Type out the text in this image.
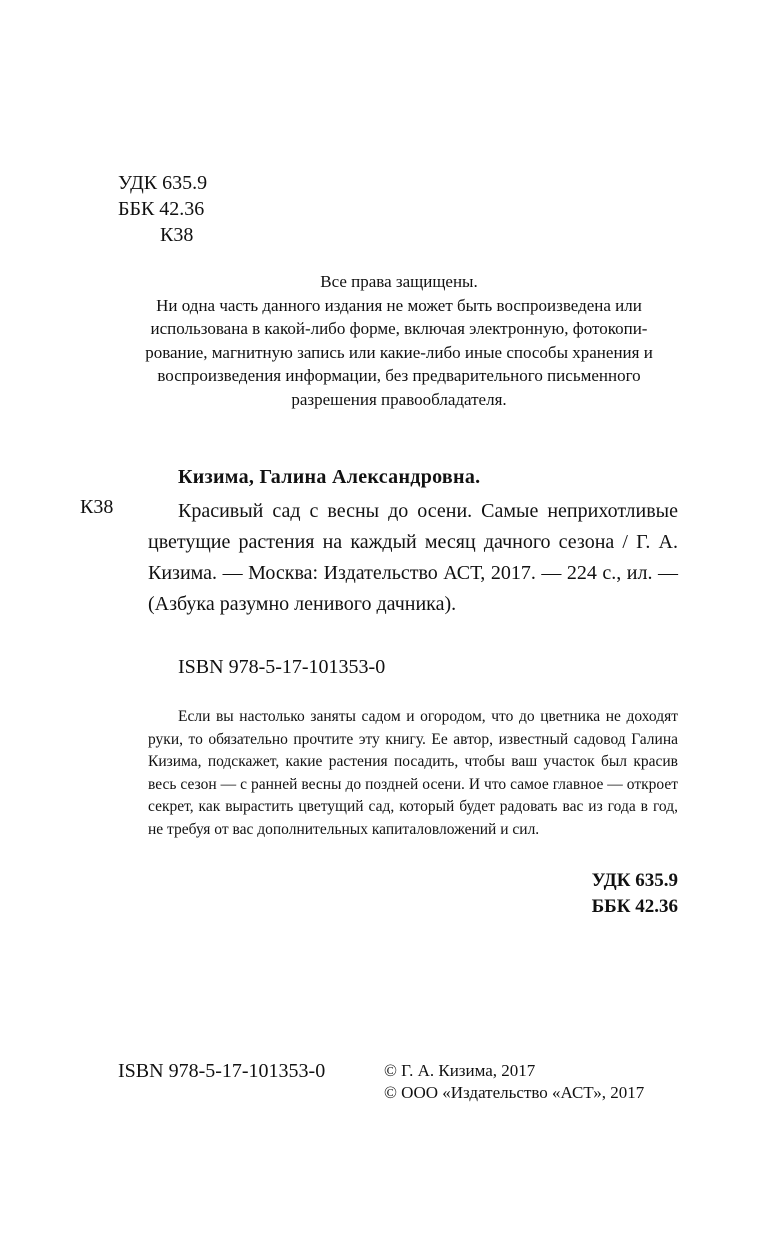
УДК 635.9
ББК 42.36
К38
Все права защищены.
Ни одна часть данного издания не может быть воспроизведена или
использована в какой-либо форме, включая электронную, фотокопи-
рование, магнитную запись или какие-либо иные способы хранения и
воспроизведения информации, без предварительного письменного
разрешения правообладателя.
Кизима, Галина Александровна.
К38	Красивый сад с весны до осени. Самые неприхотливые цветущие растения на каждый месяц дачного сезона / Г. А. Кизима. — Москва: Издательство АСТ, 2017. — 224 с., ил. — (Азбука разумно ленивого дачника).

ISBN 978-5-17-101353-0

Если вы настолько заняты садом и огородом, что до цветника не доходят руки, то обязательно прочтите эту книгу. Ее автор, известный садовод Галина Кизима, подскажет, какие растения посадить, чтобы ваш участок был красив весь сезон — с ранней весны до поздней осени. И что самое главное — откроет секрет, как вырастить цветущий сад, который будет радовать вас из года в год, не требуя от вас дополнительных капиталовложений и сил.

УДК 635.9
ББК 42.36
ISBN 978-5-17-101353-0	© Г. А. Кизима, 2017
© ООО «Издательство «АСТ», 2017
